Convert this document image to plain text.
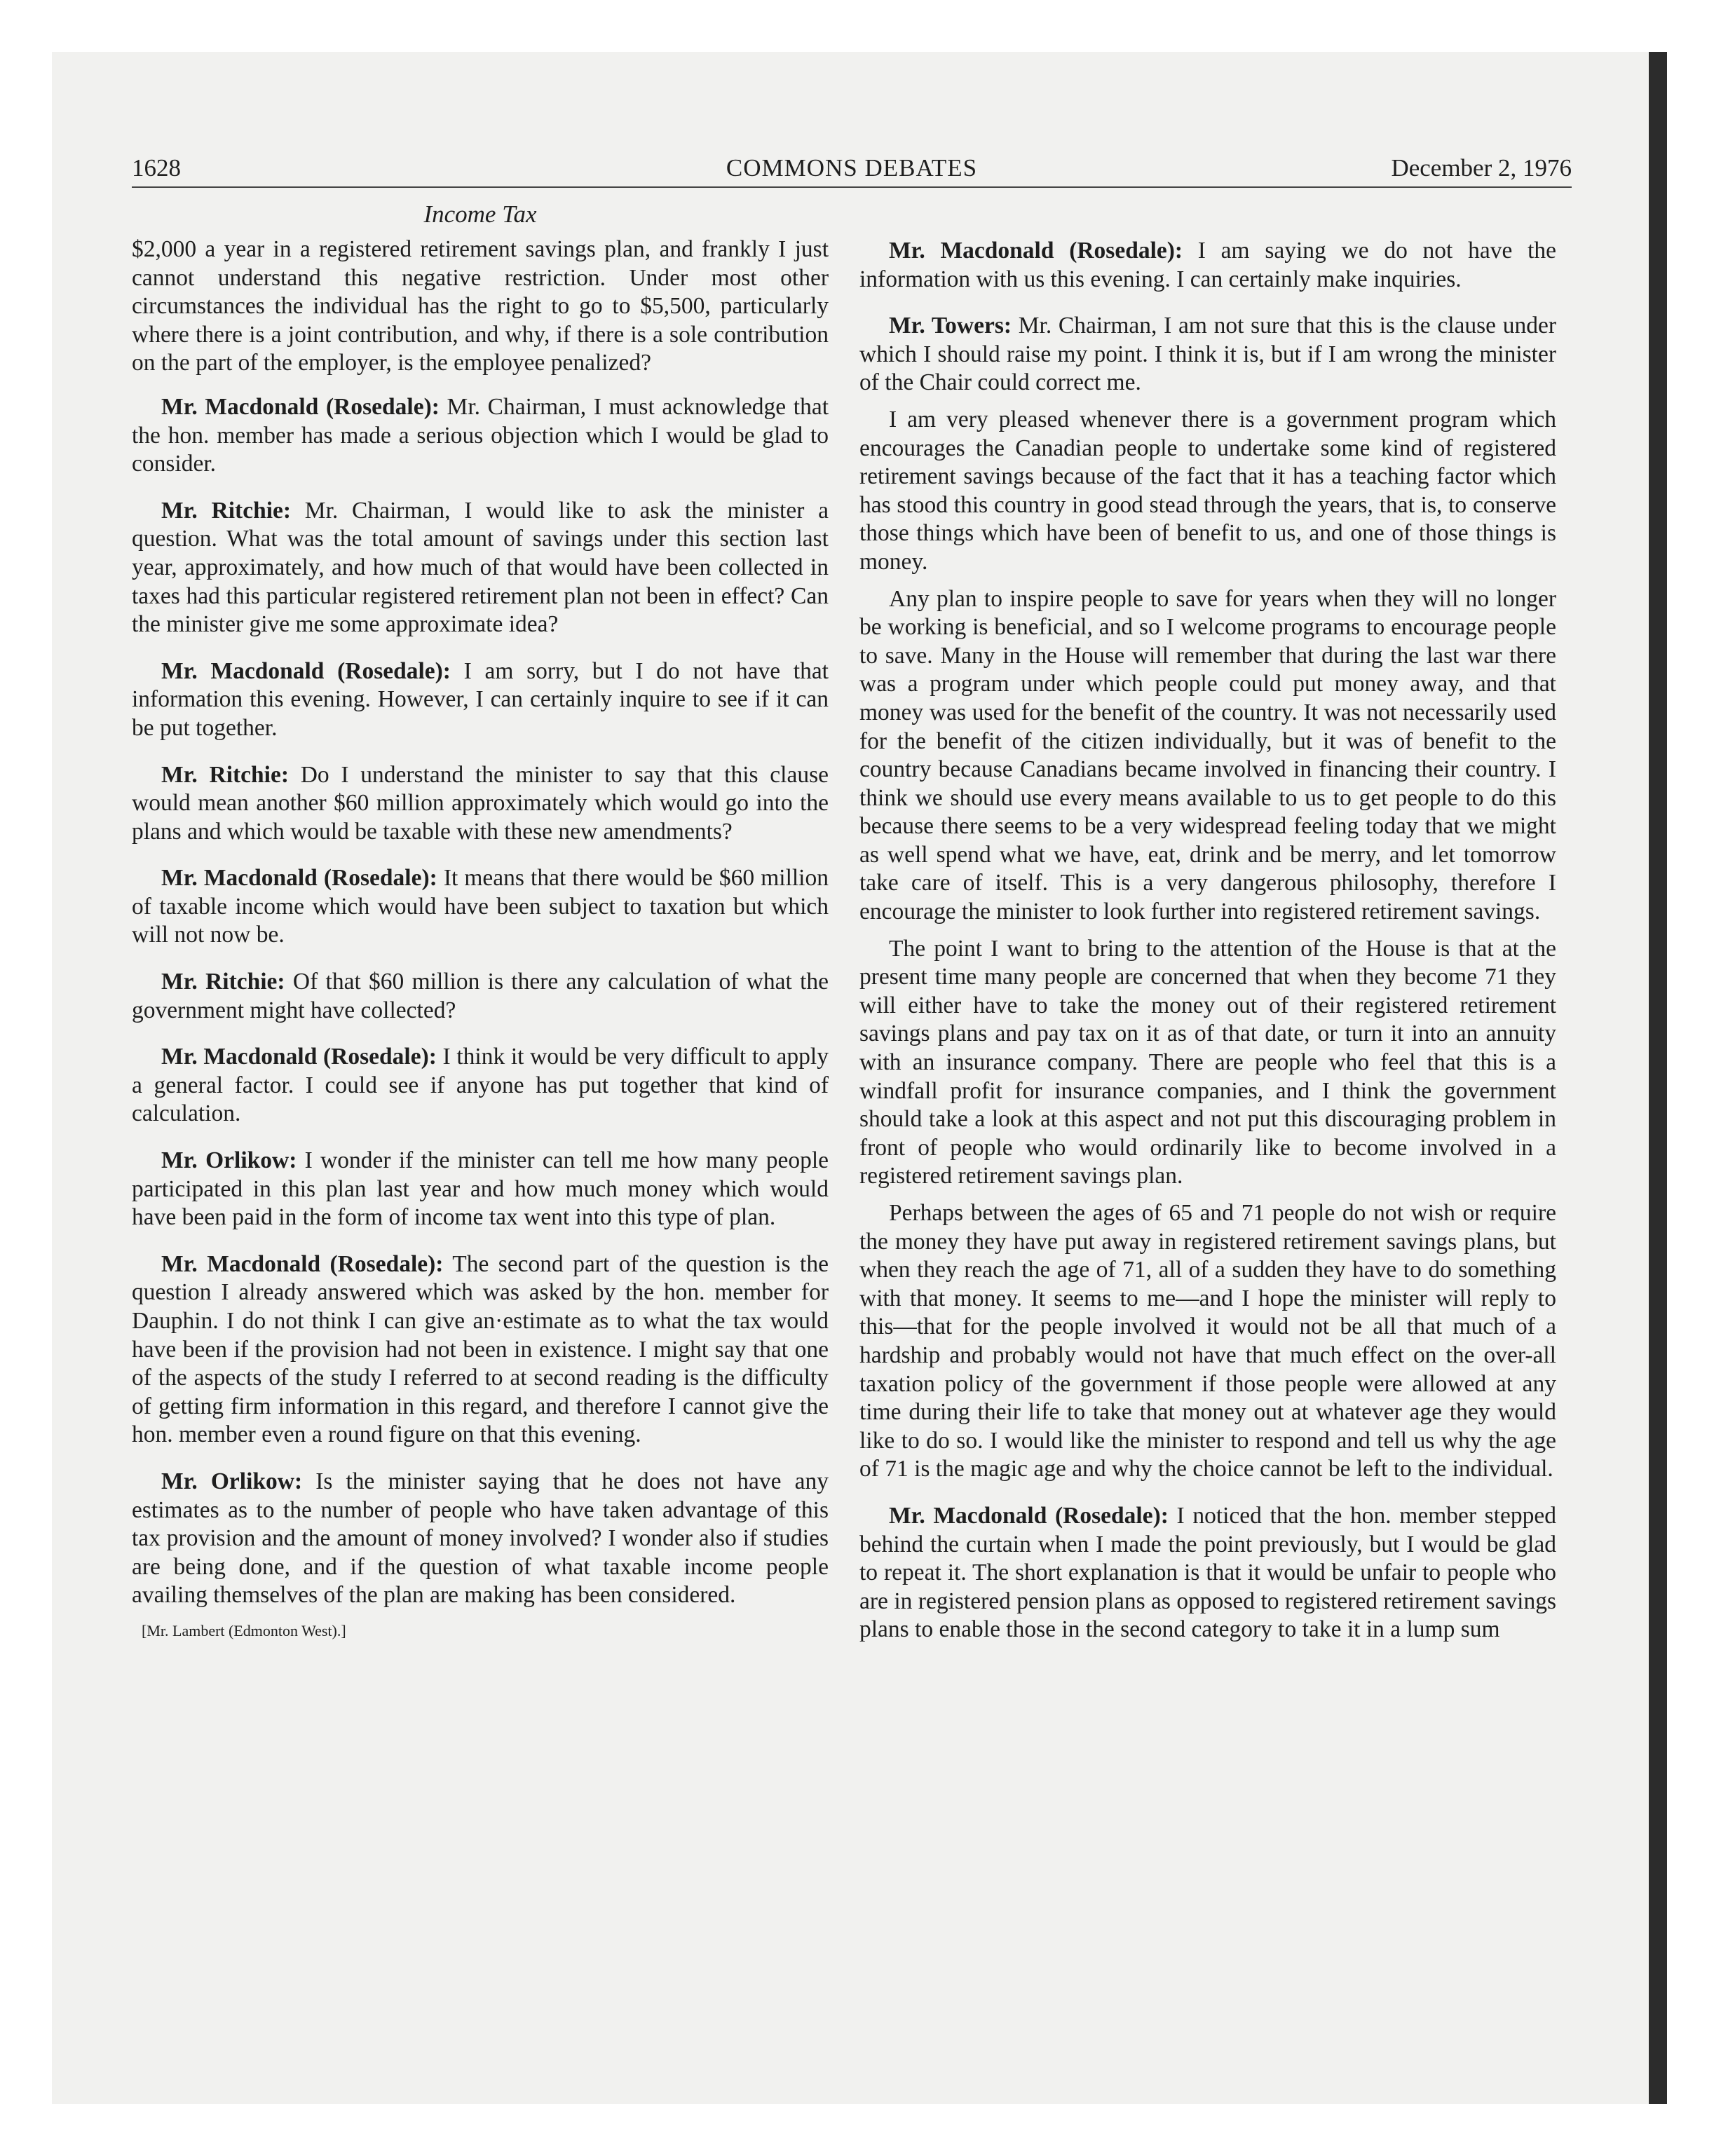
1628	COMMONS DEBATES	December 2, 1976
Income Tax

$2,000 a year in a registered retirement savings plan, and frankly I just cannot understand this negative restriction. Under most other circumstances the individual has the right to go to $5,500, particularly where there is a joint contribution, and why, if there is a sole contribution on the part of the employer, is the employee penalized?

Mr. Macdonald (Rosedale): Mr. Chairman, I must acknowledge that the hon. member has made a serious objection which I would be glad to consider.

Mr. Ritchie: Mr. Chairman, I would like to ask the minister a question. What was the total amount of savings under this section last year, approximately, and how much of that would have been collected in taxes had this particular registered retirement plan not been in effect? Can the minister give me some approximate idea?

Mr. Macdonald (Rosedale): I am sorry, but I do not have that information this evening. However, I can certainly inquire to see if it can be put together.

Mr. Ritchie: Do I understand the minister to say that this clause would mean another $60 million approximately which would go into the plans and which would be taxable with these new amendments?

Mr. Macdonald (Rosedale): It means that there would be $60 million of taxable income which would have been subject to taxation but which will not now be.

Mr. Ritchie: Of that $60 million is there any calculation of what the government might have collected?

Mr. Macdonald (Rosedale): I think it would be very difficult to apply a general factor. I could see if anyone has put together that kind of calculation.

Mr. Orlikow: I wonder if the minister can tell me how many people participated in this plan last year and how much money which would have been paid in the form of income tax went into this type of plan.

Mr. Macdonald (Rosedale): The second part of the question is the question I already answered which was asked by the hon. member for Dauphin. I do not think I can give an·estimate as to what the tax would have been if the provision had not been in existence. I might say that one of the aspects of the study I referred to at second reading is the difficulty of getting firm information in this regard, and therefore I cannot give the hon. member even a round figure on that this evening.

Mr. Orlikow: Is the minister saying that he does not have any estimates as to the number of people who have taken advantage of this tax provision and the amount of money involved? I wonder also if studies are being done, and if the question of what taxable income people availing themselves of the plan are making has been considered.

[Mr. Lambert (Edmonton West).]

Mr. Macdonald (Rosedale): I am saying we do not have the information with us this evening. I can certainly make inquiries.

Mr. Towers: Mr. Chairman, I am not sure that this is the clause under which I should raise my point. I think it is, but if I am wrong the minister of the Chair could correct me.

I am very pleased whenever there is a government program which encourages the Canadian people to undertake some kind of registered retirement savings because of the fact that it has a teaching factor which has stood this country in good stead through the years, that is, to conserve those things which have been of benefit to us, and one of those things is money.

Any plan to inspire people to save for years when they will no longer be working is beneficial, and so I welcome programs to encourage people to save. Many in the House will remember that during the last war there was a program under which people could put money away, and that money was used for the benefit of the country. It was not necessarily used for the benefit of the citizen individually, but it was of benefit to the country because Canadians became involved in financing their country. I think we should use every means available to us to get people to do this because there seems to be a very widespread feeling today that we might as well spend what we have, eat, drink and be merry, and let tomorrow take care of itself. This is a very dangerous philosophy, therefore I encourage the minister to look further into registered retirement savings.

The point I want to bring to the attention of the House is that at the present time many people are concerned that when they become 71 they will either have to take the money out of their registered retirement savings plans and pay tax on it as of that date, or turn it into an annuity with an insurance company. There are people who feel that this is a windfall profit for insurance companies, and I think the government should take a look at this aspect and not put this discouraging problem in front of people who would ordinarily like to become involved in a registered retirement savings plan.

Perhaps between the ages of 65 and 71 people do not wish or require the money they have put away in registered retirement savings plans, but when they reach the age of 71, all of a sudden they have to do something with that money. It seems to me—and I hope the minister will reply to this—that for the people involved it would not be all that much of a hardship and probably would not have that much effect on the over-all taxation policy of the government if those people were allowed at any time during their life to take that money out at whatever age they would like to do so. I would like the minister to respond and tell us why the age of 71 is the magic age and why the choice cannot be left to the individual.

Mr. Macdonald (Rosedale): I noticed that the hon. member stepped behind the curtain when I made the point previously, but I would be glad to repeat it. The short explanation is that it would be unfair to people who are in registered pension plans as opposed to registered retirement savings plans to enable those in the second category to take it in a lump sum
